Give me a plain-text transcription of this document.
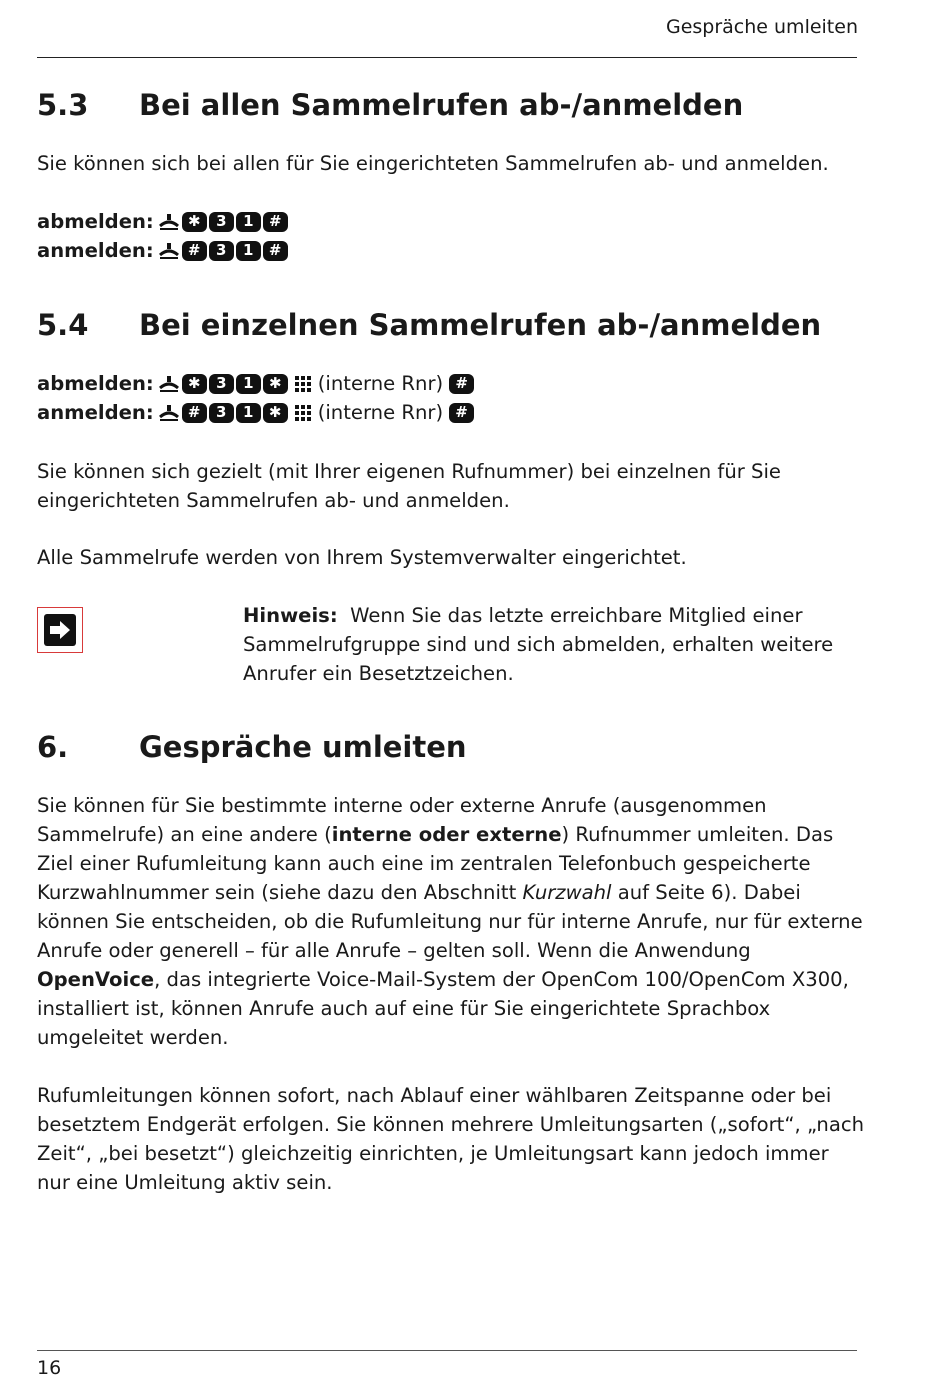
Gespräche umleiten
5.3 Bei allen Sammelrufen ab-/anmelden

Sie können sich bei allen für Sie eingerichteten Sammelrufen ab- und anmelden.

abmelden:	✱	3	1	#
anmelden:	#	3	1	#
5.4 Bei einzelnen Sammelrufen ab-/anmelden
abmelden:	✱	3	1	✱	(interne Rnr) #
anmelden:	#	3	1	✱	(interne Rnr) #

Sie können sich gezielt (mit Ihrer eigenen Rufnummer) bei einzelnen für Sie eingerichteten Sammelrufen ab- und anmelden.

Alle Sammelrufe werden von Ihrem Systemverwalter eingerichtet.

Hinweis: Wenn Sie das letzte erreichbare Mitglied einer Sammelrufgruppe sind und sich abmelden, erhalten weitere Anrufer ein Besetztzeichen.

6. Gespräche umleiten

Sie können für Sie bestimmte interne oder externe Anrufe (ausgenommen Sammelrufe) an eine andere (interne oder externe) Rufnummer umleiten. Das Ziel einer Rufumleitung kann auch eine im zentralen Telefonbuch gespeicherte Kurzwahlnummer sein (siehe dazu den Abschnitt Kurzwahl auf Seite 6). Dabei können Sie entscheiden, ob die Rufumleitung nur für interne Anrufe, nur für externe Anrufe oder generell – für alle Anrufe – gelten soll. Wenn die Anwendung OpenVoice, das integrierte Voice-Mail-System der OpenCom 100/OpenCom X300, installiert ist, können Anrufe auch auf eine für Sie eingerichtete Sprachbox umgeleitet werden.

Rufumleitungen können sofort, nach Ablauf einer wählbaren Zeitspanne oder bei besetztem Endgerät erfolgen. Sie können mehrere Umleitungsarten („sofort“, „nach Zeit“, „bei besetzt“) gleichzeitig einrichten, je Umleitungsart kann jedoch immer nur eine Umleitung aktiv sein.

16
